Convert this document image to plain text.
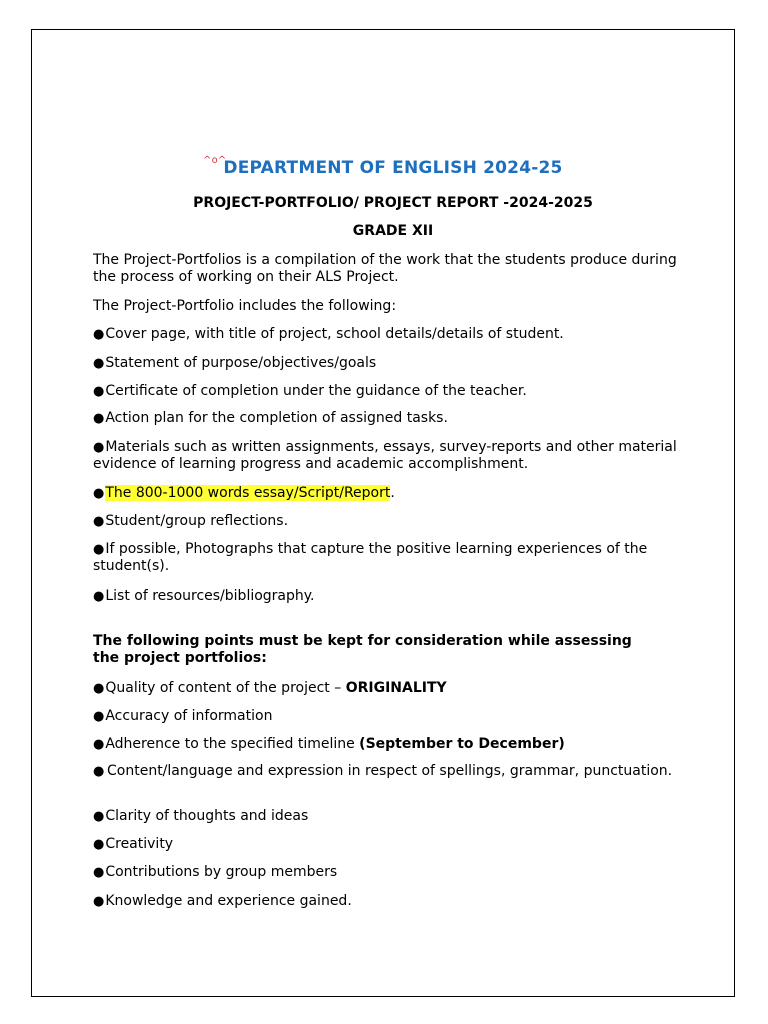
^o^
DEPARTMENT OF ENGLISH 2024-25
PROJECT-PORTFOLIO/ PROJECT REPORT -2024-2025
GRADE XII
The Project-Portfolios is a compilation of the work that the students produce during the process of working on their ALS Project.
The Project-Portfolio includes the following:
●Cover page, with title of project, school details/details of student.
●Statement of purpose/objectives/goals
●Certificate of completion under the guidance of the teacher.
●Action plan for the completion of assigned tasks.
●Materials such as written assignments, essays, survey-reports and other material evidence of learning progress and academic accomplishment.
●The 800-1000 words essay/Script/Report.
●Student/group reflections.
●If possible, Photographs that capture the positive learning experiences of the student(s).
●List of resources/bibliography.
The following points must be kept for consideration while assessing the project portfolios:
●Quality of content of the project – ORIGINALITY
●Accuracy of information
●Adherence to the specified timeline (September to December)
● Content/language and expression in respect of spellings, grammar, punctuation.
●Clarity of thoughts and ideas
●Creativity
●Contributions by group members
●Knowledge and experience gained.
